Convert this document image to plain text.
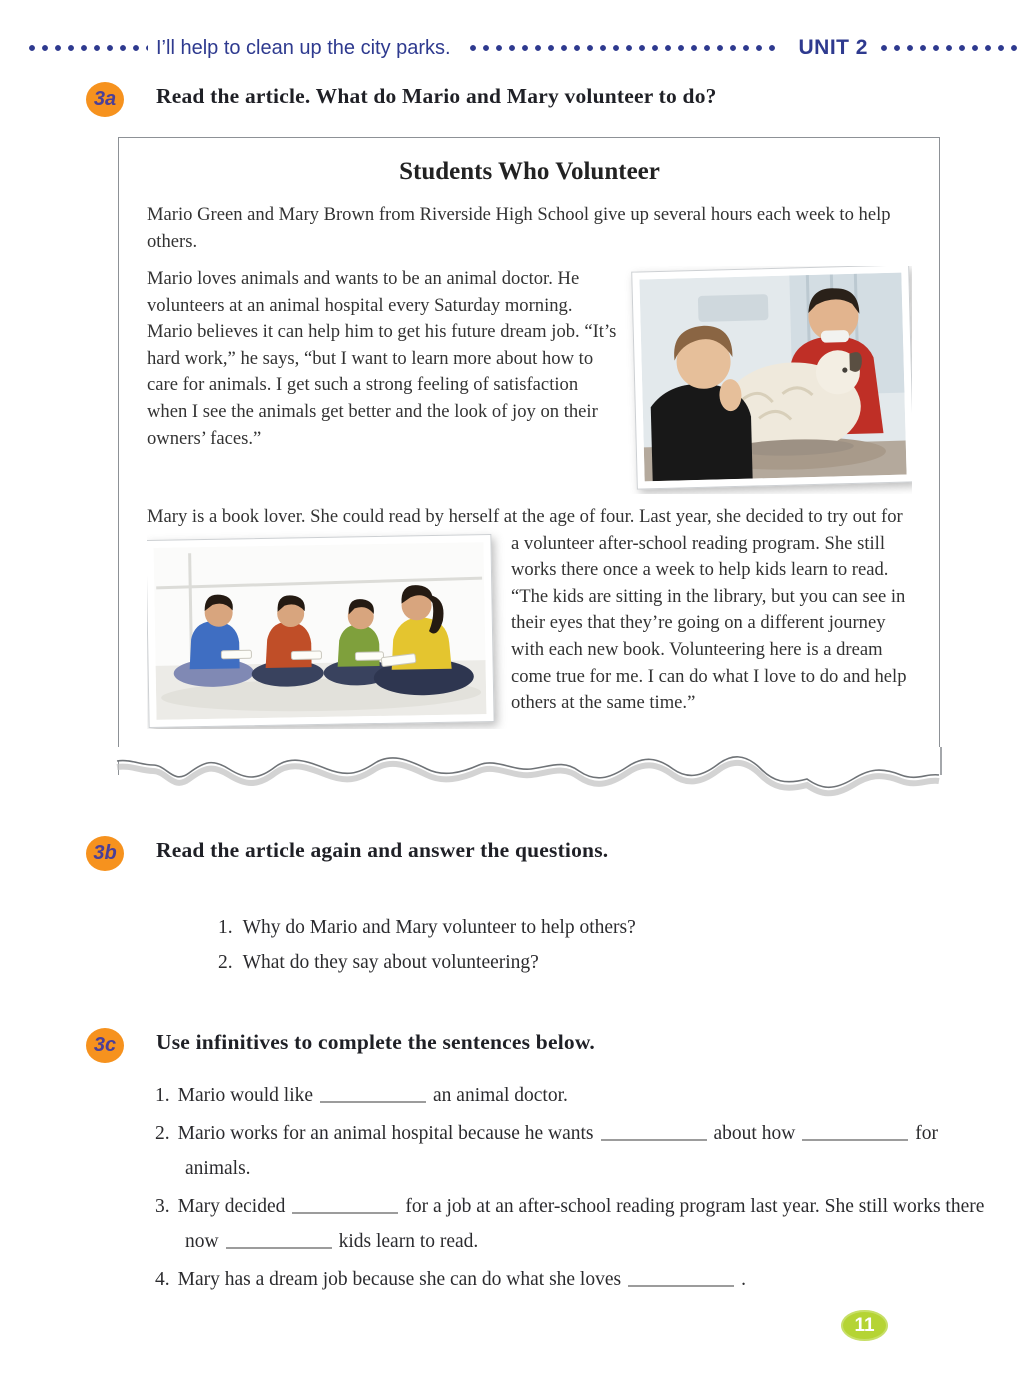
I’ll help to clean up the city parks.	UNIT 2
3a	Read the article. What do Mario and Mary volunteer to do?
Students Who Volunteer
Mario Green and Mary Brown from Riverside High School give up several hours each week to help others.
Mario loves animals and wants to be an animal doctor. He volunteers at an animal hospital every Saturday morning. Mario believes it can help him to get his future dream job. “It’s hard work,” he says, “but I want to learn more about how to care for animals. I get such a strong feeling of satisfaction when I see the animals get better and the look of joy on their owners’ faces.”
Mary is a book lover. She could read by herself at the age of four. Last year, she decided to try out for a volunteer after-school reading program. She still works there once a week to help kids learn to read. “The kids are sitting in the library, but you can see in their eyes that they’re going on a different journey with each new book. Volunteering here is a dream come true for me. I can do what I love to do and help others at the same time.”
3b	Read the article again and answer the questions.
1. Why do Mario and Mary volunteer to help others?
2. What do they say about volunteering?
3c	Use infinitives to complete the sentences below.
1. Mario would like	an animal doctor.
2. Mario works for an animal hospital because he wants	about how	for animals.
3. Mary decided	for a job at an after-school reading program last year. She still works there now	kids learn to read.
4. Mary has a dream job because she can do what she loves	.
11
